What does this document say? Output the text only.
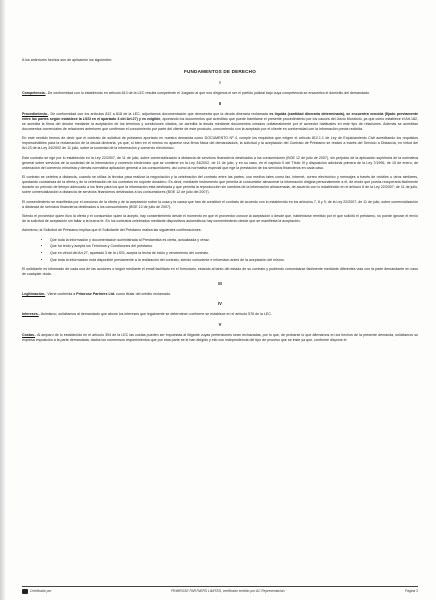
A los anteriores hechos son de aplicación los siguientes:

FUNDAMENTOS DE DERECHO
I

Competencia.- De conformidad con lo establecido en artículo 813 de la LEC resulta competente el Juzgado al que nos dirigimos el ser el partido judicial bajo cuya competencia se encuentra el domicilio del demandado.

II

Procedimiento.- De conformidad con los artículos 812 a 818 de la LEC, adjuntamos documentación que demuestra que la deuda dineraria reclamada es líquida (cantidad dineraria determinada), se encuentra vencida (fijado previamente entre las partes según establece la LSSI en el apartado 3 del Art.27) y es exigible, aportando los documentos que acreditan que puede tramitarse el presente procedimiento por los cauces del Juicio Monitorio, ya que como establece el Art.182, se acredita la firma del deudor mediante la aceptación de los términos y condiciones citados, se acredita la deuda mediante documentos creados unilateralmente por el acreedor habituales en este tipo de relaciones. Además se acreditan documentos comerciales de relaciones anteriores que confirman el conocimiento por parte del cliente de este producto, concurriendo con la aceptado por el cliente en conformidad con la información previa recibida.

En este sentido hemos de decir que el contrato de solicitud de préstamo aportado en nuestra demanda como DOCUMENTO Nº 4, cumple los requisitos que exigen el artículo 812.1.1 de Ley de Enjuiciamiento Civil acreditando los requisitos imprescindibles para la reclamación de la deuda dineraria, ya que, si bien en el mismo no aparece una firma física del demandado/a, la solicitud y la aceptación del Contrato de Préstamo se realizó a través del Servicio a Distancia, en virtud del Art.23 de la Ley 34/2002 de 11 julio, sobre la sociedad de la información y comercio electrónico.

Este contrato se rige por lo establecido en la Ley 22/2007, de 11 de julio, sobre comercialización a distancia de servicios financieros destinados a los consumidores (BOE 12 de julio de 2007), sin perjuicio de la aplicación supletoria de la normativa general sobre servicios de la sociedad de la información y comercio electrónico que se contiene en la Ley 34/2002, de 11 de julio, y en su caso, en el capítulo II del Título III y disposición adicional primera de la Ley 7/1996, de 15 de enero, de ordenación del comercio minorista y demás normativa aplicación general a los consumidores, así como la normativa especial que rige la prestación de los servicios financieros en cada caso.

El contrato se celebra a distancia, cuando se utiliza la técnica para realizar la negociación y la celebración del contrato entre las partes, con medios tales como fax, internet, correo electrónico y mensajes a través de móviles u otros similares, quedando constancia de la oferta y de la celebración de los contratos en soporte duradero. Es decir, mediante instrumento que permita al consumidor almacenar la información dirigida personalmente a él, de modo que pueda recuperarla fácilmente durante un período de tiempo adecuado a los fines para los que la información está destinada y que permita la reproducción sin cambios de la información almacenada, de acuerdo con lo establecido en el artículo 6 de la Ley 22/2007, de 11 de julio, sobre comercialización a distancia de servicios financieros destinados a los consumidores (BOE 12 de julio del 2007).

El consentimiento se manifiesta por el concurso de la oferta y de la aceptación sobre la cosa y la causa que han de constituir el contrato de acuerdo con lo establecido en los artículos 7, 8 y 9, de la Ley 22/2007, de 11 de julio, sobre comercialización a distancia de servicios financieros destinados a los consumidores (BOE 12 de julio de 2007).

Siendo el proveedor quien hizo la oferta y el consumidor quien la aceptó, hay consentimiento desde el momento en que el proveedor conoce la aceptación o desde que, habiéndose remitido por el que solicitó el préstamo, no puede ignorar el envío de la solicitud de aceptación sin faltar a la buena fe. En los contratos celebrados mediante dispositivos automáticos hay consentimiento desde que se manifiesta la aceptación.

Asimismo, la Solicitud de Préstamo implica que el Solicitante del Préstamo realiza las siguientes confirmaciones:

• Que toda la información y documentación suministrada al Prestamista es cierta, actualizada y veraz.
• Que ha leído y acepta los Términos y Condiciones del préstamo.
• Que en virtud del Art.27, apartado 3 de la LSSI, acepta la fecha de inicio y vencimiento del contrato.
• Que toda la información está disponible previamente a la realización del contrato, siendo consciente e informado antes de la aceptación del mismo.

El solicitante es informado de cada una de las acciones o seguir mediante el email facilitado en el formulario, estando al tanto del estado de su contrato y pudiendo comunicarse fácilmente mediante diferentes vías con la parte demandante en caso de cualquier duda.

III

Legitimación.- Viene conferida a Primrose Partners Ltd. como titular del crédito reclamado.

IV

Intereses.- Asimismo, solicitamos al demandado que abone los intereses que legalmente se determinen conforme se establece en el artículo 576 de la LEC.

V

Costas.- Al amparo de lo establecido en el artículo 394 de la LEC las costas pueden ser impuestas al litigante cuyas pretensiones sean rechazadas, por lo que, de probarse lo que afirmamos en los hechos de la presente demanda, solicitamos su expresa imposición a la parte demandada, dados los numerosos requerimientos que por esta parte se le han dirigido y ello con independencia del tipo de proceso que se inste ya que, conforme dispone el

Certificado por	PRIMROSE PARTNERS LIMITED, certificado emitido por AC Representación.	Página 3
